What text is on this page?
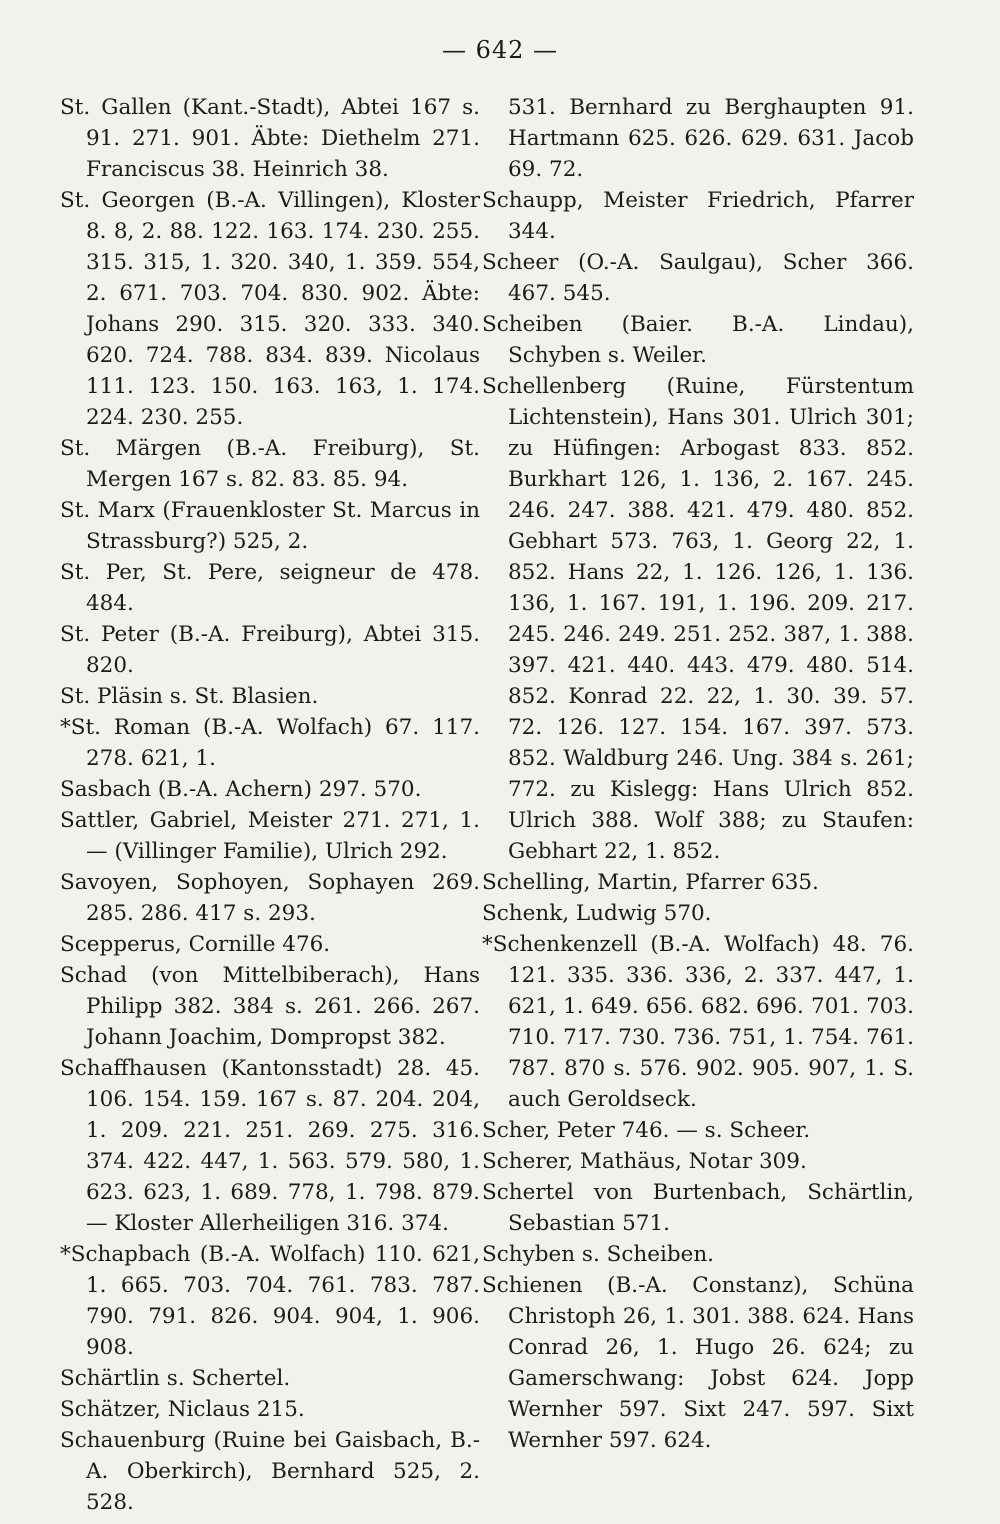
— 642 —

St. Gallen (Kant.-Stadt), Abtei 167 s. 91. 271. 901. Äbte: Diethelm 271. Franciscus 38. Heinrich 38.

St. Georgen (B.-A. Villingen), Kloster 8. 8, 2. 88. 122. 163. 174. 230. 255. 315. 315, 1. 320. 340, 1. 359. 554, 2. 671. 703. 704. 830. 902. Äbte: Johans 290. 315. 320. 333. 340. 620. 724. 788. 834. 839. Nicolaus 111. 123. 150. 163. 163, 1. 174. 224. 230. 255.

St. Märgen (B.-A. Freiburg), St. Mergen 167 s. 82. 83. 85. 94.

St. Marx (Frauenkloster St. Marcus in Strassburg?) 525, 2.

St. Per, St. Pere, seigneur de 478. 484.

St. Peter (B.-A. Freiburg), Abtei 315. 820.

St. Pläsin s. St. Blasien.

*St. Roman (B.-A. Wolfach) 67. 117. 278. 621, 1.

Sasbach (B.-A. Achern) 297. 570.

Sattler, Gabriel, Meister 271. 271, 1. — (Villinger Familie), Ulrich 292.

Savoyen, Sophoyen, Sophayen 269. 285. 286. 417 s. 293.

Scepperus, Cornille 476.

Schad (von Mittelbiberach), Hans Philipp 382. 384 s. 261. 266. 267. Johann Joachim, Dompropst 382.

Schaffhausen (Kantonsstadt) 28. 45. 106. 154. 159. 167 s. 87. 204. 204, 1. 209. 221. 251. 269. 275. 316. 374. 422. 447, 1. 563. 579. 580, 1. 623. 623, 1. 689. 778, 1. 798. 879. — Kloster Allerheiligen 316. 374.

*Schapbach (B.-A. Wolfach) 110. 621, 1. 665. 703. 704. 761. 783. 787. 790. 791. 826. 904. 904, 1. 906. 908.

Schärtlin s. Schertel.

Schätzer, Niclaus 215.

Schauenburg (Ruine bei Gaisbach, B.-A. Oberkirch), Bernhard 525, 2. 528.

531. Bernhard zu Berghaupten 91. Hartmann 625. 626. 629. 631. Jacob 69. 72.

Schaupp, Meister Friedrich, Pfarrer 344.

Scheer (O.-A. Saulgau), Scher 366. 467. 545.

Scheiben (Baier. B.-A. Lindau), Schyben s. Weiler.

Schellenberg (Ruine, Fürstentum Lichtenstein), Hans 301. Ulrich 301; zu Hüfingen: Arbogast 833. 852. Burkhart 126, 1. 136, 2. 167. 245. 246. 247. 388. 421. 479. 480. 852. Gebhart 573. 763, 1. Georg 22, 1. 852. Hans 22, 1. 126. 126, 1. 136. 136, 1. 167. 191, 1. 196. 209. 217. 245. 246. 249. 251. 252. 387, 1. 388. 397. 421. 440. 443. 479. 480. 514. 852. Konrad 22. 22, 1. 30. 39. 57. 72. 126. 127. 154. 167. 397. 573. 852. Waldburg 246. Ung. 384 s. 261; 772. zu Kislegg: Hans Ulrich 852. Ulrich 388. Wolf 388; zu Staufen: Gebhart 22, 1. 852.

Schelling, Martin, Pfarrer 635.

Schenk, Ludwig 570.

*Schenkenzell (B.-A. Wolfach) 48. 76. 121. 335. 336. 336, 2. 337. 447, 1. 621, 1. 649. 656. 682. 696. 701. 703. 710. 717. 730. 736. 751, 1. 754. 761. 787. 870 s. 576. 902. 905. 907, 1. S. auch Geroldseck.

Scher, Peter 746. — s. Scheer.

Scherer, Mathäus, Notar 309.

Schertel von Burtenbach, Schärtlin, Sebastian 571.

Schyben s. Scheiben.

Schienen (B.-A. Constanz), Schüna Christoph 26, 1. 301. 388. 624. Hans Conrad 26, 1. Hugo 26. 624; zu Gamerschwang: Jobst 624. Jopp Wernher 597. Sixt 247. 597. Sixt Wernher 597. 624.
